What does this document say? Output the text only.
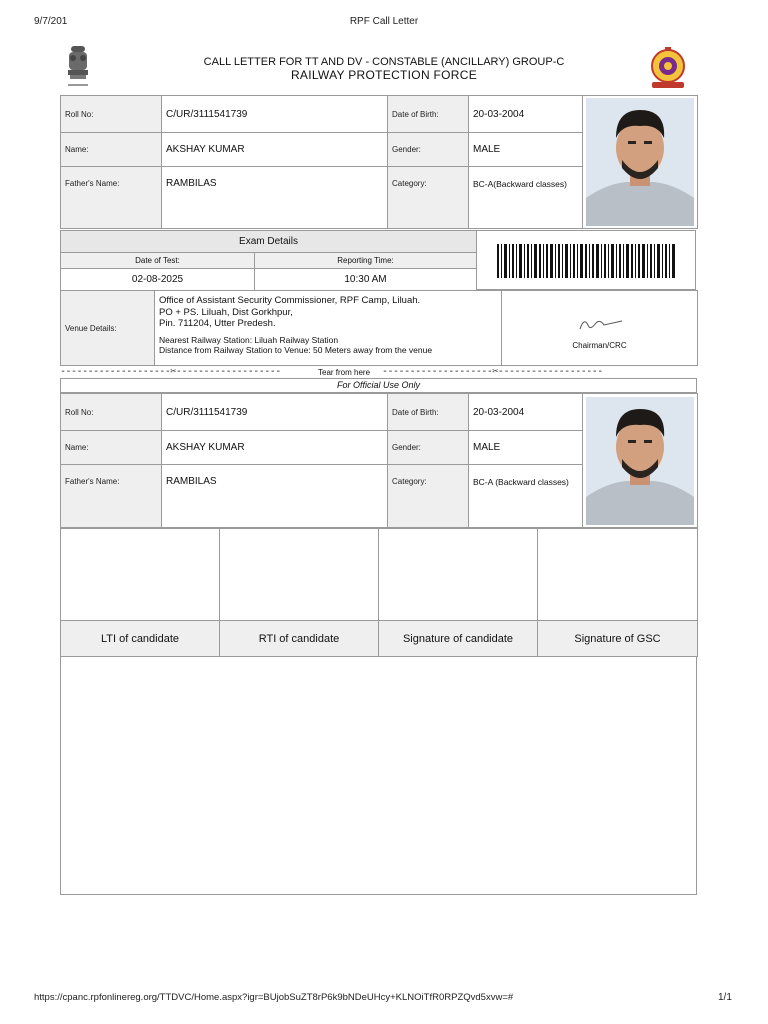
9/7/201	RPF Call Letter
https://cpanc.rpfonlinereg.org/TTDVC/Home.aspx?igr=BUjobSuZT8rP6k9bNDeUHcy+KLNOiTfR0RPZQvd5xvw=#	1/1
CALL LETTER FOR TT AND DV - CONSTABLE (ANCILLARY) GROUP-C
RAILWAY PROTECTION FORCE
Roll No:	C/UR/3111541739	Date of Birth:	20-03-2004	

Name:	AKSHAY KUMAR	Gender:	MALE	
Father's Name:	RAMBILAS	Category:	BC-A(Backward classes)	
Exam Details	
Date of Test:	Reporting Time:
02-08-2025	10:30 AM
Venue Details:	
Office of Assistant Security Commissioner, RPF Camp, Liluah.
PO + PS. Liluah, Dist Gorkhpur,
Pin. 711204, Utter Predesh.
Nearest Railway Station: Liluah Railway Station
Distance from Railway Station to Venue: 50 Meters away from the venue	Chairman/CRC
--------------------✂-------------------	Tear from here --------------------✂-------------------
For Official Use Only
Roll No:	C/UR/3111541739	Date of Birth:	20-03-2004	

Name:	AKSHAY KUMAR	Gender:	MALE	
Father's Name:	RAMBILAS	Category:	BC-A (Backward classes)	

LTI of candidate	RTI of candidate	Signature of candidate	Signature of GSC
